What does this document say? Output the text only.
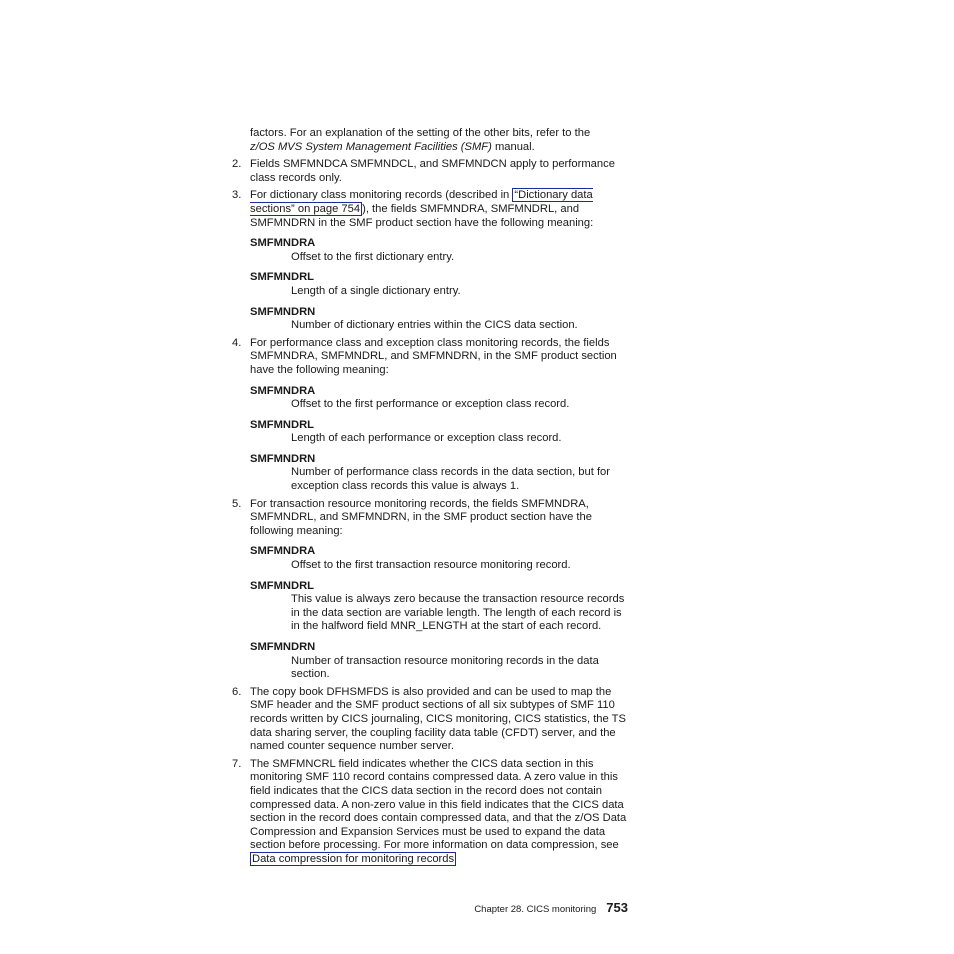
factors. For an explanation of the setting of the other bits, refer to the
z/OS MVS System Management Facilities (SMF) manual.
2. Fields SMFMNDCA SMFMNDCL, and SMFMNDCN apply to performance class records only.
3. For dictionary class monitoring records (described in “Dictionary data sections” on page 754 ), the fields SMFMNDRA, SMFMNDRL, and SMFMNDRN in the SMF product section have the following meaning:
SMFMNDRA
Offset to the first dictionary entry.
SMFMNDRL
Length of a single dictionary entry.
SMFMNDRN
Number of dictionary entries within the CICS data section.
4. For performance class and exception class monitoring records, the fields SMFMNDRA, SMFMNDRL, and SMFMNDRN, in the SMF product section have the following meaning:
SMFMNDRA
Offset to the first performance or exception class record.
SMFMNDRL
Length of each performance or exception class record.
SMFMNDRN
Number of performance class records in the data section, but for exception class records this value is always 1.
5. For transaction resource monitoring records, the fields SMFMNDRA, SMFMNDRL, and SMFMNDRN, in the SMF product section have the following meaning:
SMFMNDRA
Offset to the first transaction resource monitoring record.
SMFMNDRL
This value is always zero because the transaction resource records in the data section are variable length. The length of each record is in the halfword field MNR_LENGTH at the start of each record.
SMFMNDRN
Number of transaction resource monitoring records in the data section.
6. The copy book DFHSMFDS is also provided and can be used to map the SMF header and the SMF product sections of all six subtypes of SMF 110 records written by CICS journaling, CICS monitoring, CICS statistics, the TS data sharing server, the coupling facility data table (CFDT) server, and the named counter sequence number server.
7. The SMFMNCRL field indicates whether the CICS data section in this monitoring SMF 110 record contains compressed data. A zero value in this field indicates that the CICS data section in the record does not contain compressed data. A non-zero value in this field indicates that the CICS data section in the record does contain compressed data, and that the z/OS Data Compression and Expansion Services must be used to expand the data section before processing. For more information on data compression, see Data compression for monitoring records
Chapter 28. CICS monitoring 753
